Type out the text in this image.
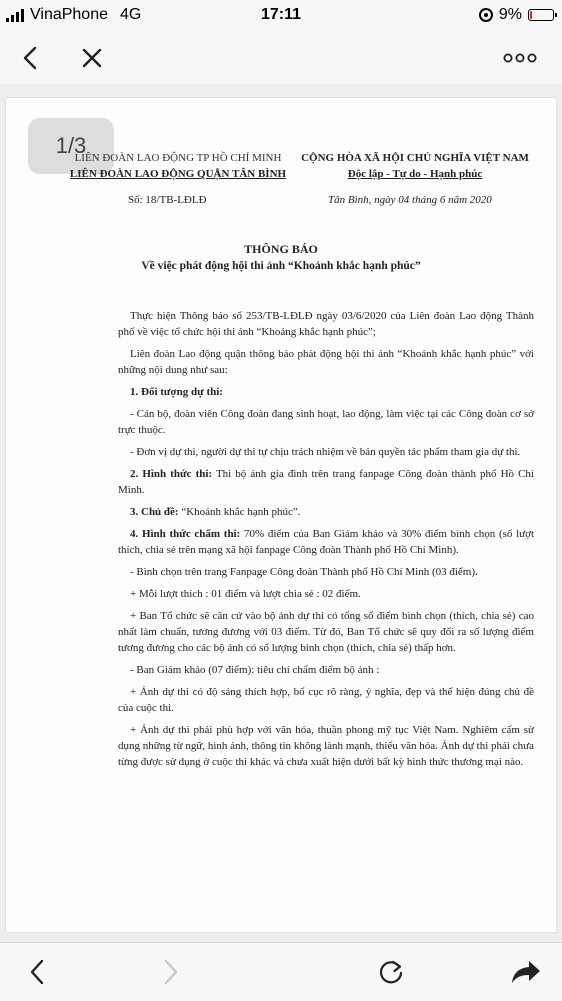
VinaPhone 4G	17:11	9%
1/3
LIÊN ĐOÀN LAO ĐỘNG TP HỒ CHÍ MINH
LIÊN ĐOÀN LAO ĐỘNG QUẬN TÂN BÌNH
CỘNG HÒA XÃ HỘI CHỦ NGHĨA VIỆT NAM
Độc lập - Tự do - Hạnh phúc
Số: 18/TB-LĐLĐ	Tân Bình, ngày 04 tháng 6 năm 2020
THÔNG BÁO
Về việc phát động hội thi ảnh “Khoảnh khắc hạnh phúc”

Thực hiện Thông báo số 253/TB-LĐLĐ ngày 03/6/2020 của Liên đoàn Lao động Thành phố về việc tổ chức hội thi ảnh “Khoảng khắc hạnh phúc”;

Liên đoàn Lao động quận thông báo phát động hội thi ảnh “Khoảnh khắc hạnh phúc” với những nội dung như sau:

1. Đối tượng dự thi:

- Cán bộ, đoàn viên Công đoàn đang sinh hoạt, lao động, làm việc tại các Công đoàn cơ sở trực thuộc.

- Đơn vị dự thi, người dự thi tự chịu trách nhiệm về bản quyền tác phẩm tham gia dự thi.

2. Hình thức thi: Thi bộ ảnh gia đình trên trang fanpage Công đoàn thành phố Hồ Chí Minh.

3. Chủ đề: “Khoảnh khắc hạnh phúc”.

4. Hình thức chấm thi: 70% điểm của Ban Giám khảo và 30% điểm bình chọn (số lượt thích, chia sẻ trên mạng xã hội fanpage Công đoàn Thành phố Hồ Chí Minh).

- Bình chọn trên trang Fanpage Công đoàn Thành phố Hồ Chí Minh (03 điểm).

+ Mỗi lượt thích : 01 điểm và lượt chia sẻ : 02 điểm.

+ Ban Tổ chức sẽ căn cứ vào bộ ảnh dự thi có tổng số điểm bình chọn (thích, chia sẻ) cao nhất làm chuẩn, tương đương với 03 điểm. Từ đó, Ban Tổ chức sẽ quy đổi ra số lượng điểm tương đương cho các bộ ảnh có số lượng bình chọn (thích, chia sẻ) thấp hơn.

- Ban Giám khảo (07 điểm): tiêu chí chấm điểm bộ ảnh :

+ Ảnh dự thi có độ sáng thích hợp, bố cục rõ ràng, ý nghĩa, đẹp và thể hiện đúng chủ đề của cuộc thi.

+ Ảnh dự thi phải phù hợp với văn hóa, thuần phong mỹ tục Việt Nam. Nghiêm cấm sử dụng những từ ngữ, hình ảnh, thông tin không lành mạnh, thiếu văn hóa. Ảnh dự thi phải chưa từng được sử dụng ở cuộc thi khác và chưa xuất hiện dưới bất kỳ hình thức thương mại nào.
